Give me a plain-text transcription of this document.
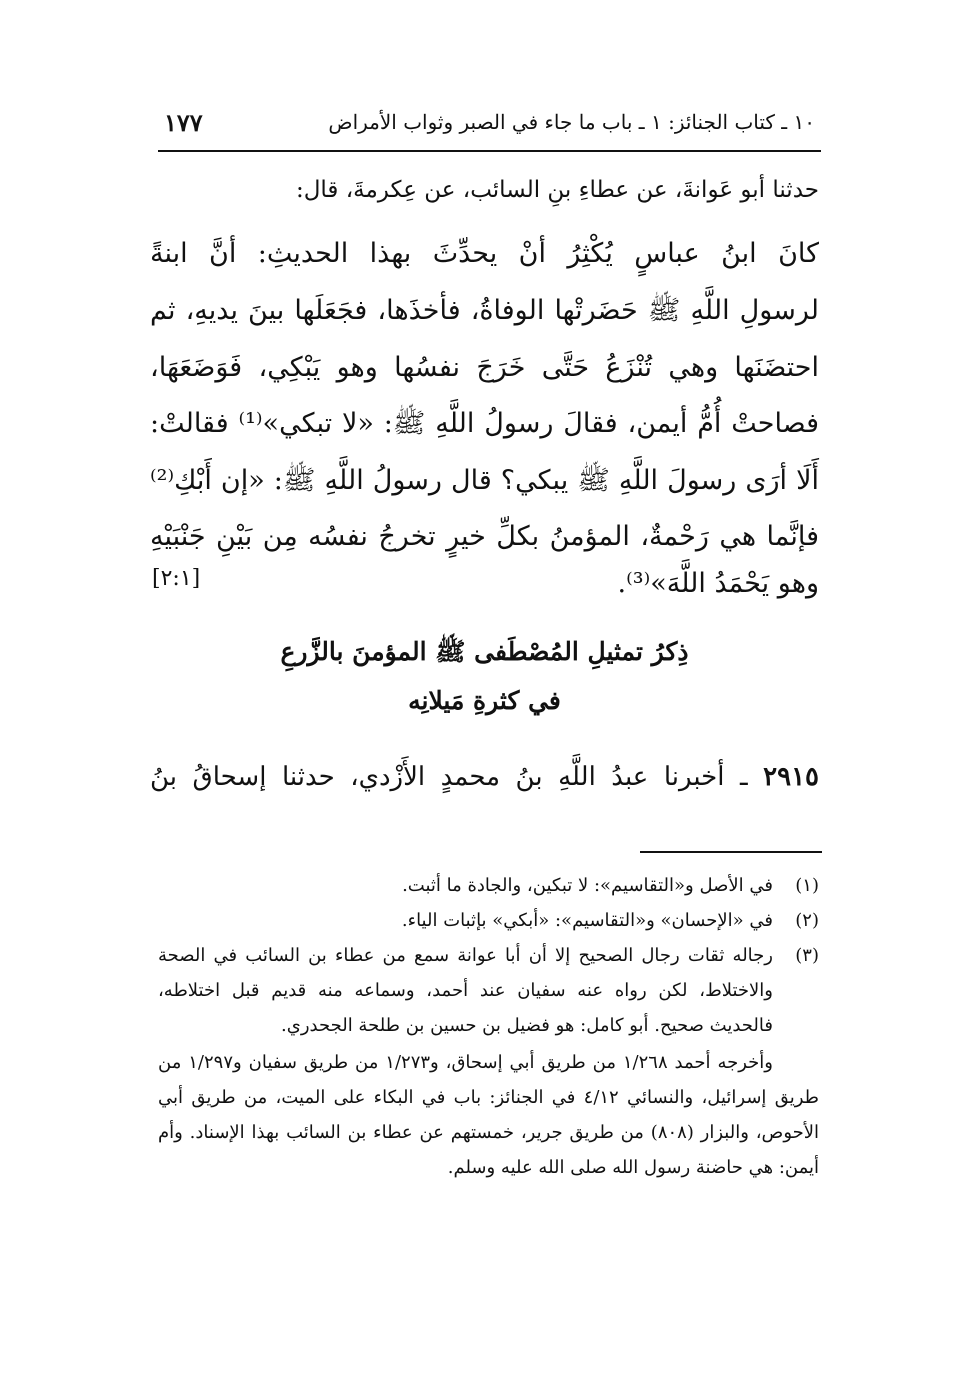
١٠ ـ كتاب الجنائز: ١ ـ باب ما جاء في الصبر وثواب الأمراض
١٧٧
حدثنا أبو عَوانةَ، عن عطاءِ بنِ السائب، عن عِكرمةَ، قال:
كانَ ابنُ عباسٍ يُكْثِرُ أنْ يحدِّثَ بهذا الحديثِ: أنَّ ابنةً
لرسولِ اللَّهِ ﷺ حَضَرتْها الوفاةُ، فأخذَها، فجَعَلَها بينَ يديهِ، ثم
احتضَنَها وهي تُنْزَعُ حَتَّى خَرَجَ نفسُها وهو يَبْكِي، فَوَضَعَهَا،
فصاحتْ أُمُّ أيمن، فقالَ رسولُ اللَّهِ ﷺ: «لا تبكي»⁽¹⁾ فقالتْ:
أَلَا أرَى رسولَ اللَّهِ ﷺ يبكي؟ قال رسولُ اللَّهِ ﷺ: «إن أَبْكِ⁽²⁾
فإنَّما هي رَحْمةٌ، المؤمنُ بكلِّ خيرٍ تخرجُ نفسُه مِن بَيْنِ جَنْبَيْهِ
وهو يَحْمَدُ اللَّهَ»⁽³⁾.
[٢:١]
ذِكرُ تمثيلِ المُصْطَفى ﷺ المؤمنَ بالزَّرعِ
في كثرةِ مَيلانِه
٢٩١٥ ـ أخبرنا عبدُ اللَّهِ بنُ محمدٍ الأَزْدي، حدثنا إسحاقُ بنُ
(١)
في الأصل و«التقاسيم»: لا تبكين، والجادة ما أثبت.
(٢)
في «الإحسان» و«التقاسيم»: «أبكي» بإثبات الياء.
(٣)
رجاله ثقات رجال الصحيح إلا أن أبا عوانة سمع من عطاء بن السائب في الصحة والاختلاط، لكن رواه عنه سفيان عند أحمد، وسماعه منه قديم قبل اختلاطه، فالحديث صحيح. أبو كامل: هو فضيل بن حسين بن طلحة الجحدري.
وأخرجه أحمد ١/٢٦٨ من طريق أبي إسحاق، و١/٢٧٣ من طريق سفيان و١/٢٩٧ من طريق إسرائيل، والنسائي ٤/١٢ في الجنائز: باب في البكاء على الميت، من طريق أبي الأحوص، والبزار (٨٠٨) من طريق جرير، خمستهم عن عطاء بن السائب بهذا الإسناد. وأم أيمن: هي حاضنة رسول الله صلى الله عليه وسلم.
